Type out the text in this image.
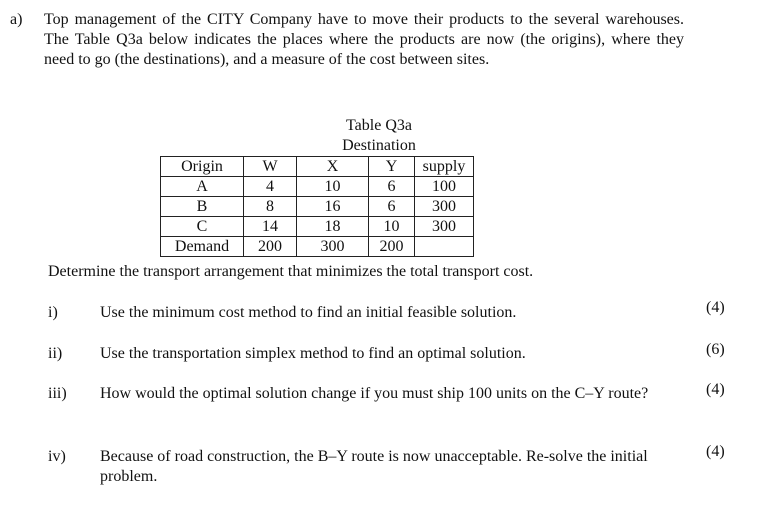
a) Top management of the CITY Company have to move their products to the several warehouses. The Table Q3a below indicates the places where the products are now (the origins), where they need to go (the destinations), and a measure of the cost between sites.
Table Q3a
Destination
Origin	W	X	Y	supply
A	4	10	6	100
B	8	16	6	300
C	14	18	10	300
Demand	200	300	200	
Determine the transport arrangement that minimizes the total transport cost.
i)	Use the minimum cost method to find an initial feasible solution.	(4)
ii) Use the transportation simplex method to find an optimal solution.	(6)
iii) How would the optimal solution change if you must ship 100 units on the C–Y route?	(4)
iv) Because of road construction, the B–Y route is now unacceptable. Re-solve the initial problem.
(4)
